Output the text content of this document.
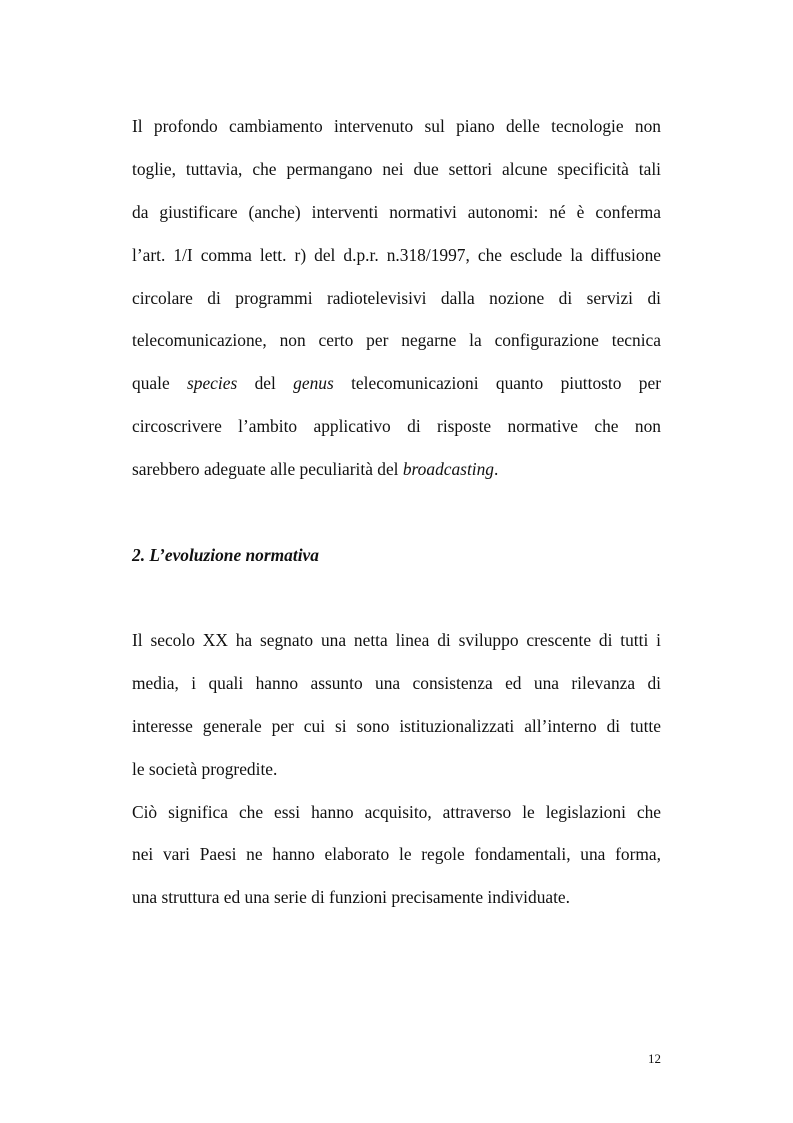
Il profondo cambiamento intervenuto sul piano delle tecnologie non
toglie, tuttavia, che permangano nei due settori alcune specificità tali
da giustificare (anche) interventi normativi autonomi: né è conferma
l’art. 1/I comma lett. r) del d.p.r. n.318/1997, che esclude la diffusione
circolare di programmi radiotelevisivi dalla nozione di servizi di
telecomunicazione, non certo per negarne la configurazione tecnica
quale species del genus telecomunicazioni quanto piuttosto per
circoscrivere l’ambito applicativo di risposte normative che non
sarebbero adeguate alle peculiarità del broadcasting.
2. L’evoluzione normativa
Il secolo XX ha segnato una netta linea di sviluppo crescente di tutti i
media, i quali hanno assunto una consistenza ed una rilevanza di
interesse generale per cui si sono istituzionalizzati all’interno di tutte
le società progredite.
Ciò significa che essi hanno acquisito, attraverso le legislazioni che
nei vari Paesi ne hanno elaborato le regole fondamentali, una forma,
una struttura ed una serie di funzioni precisamente individuate.
12
